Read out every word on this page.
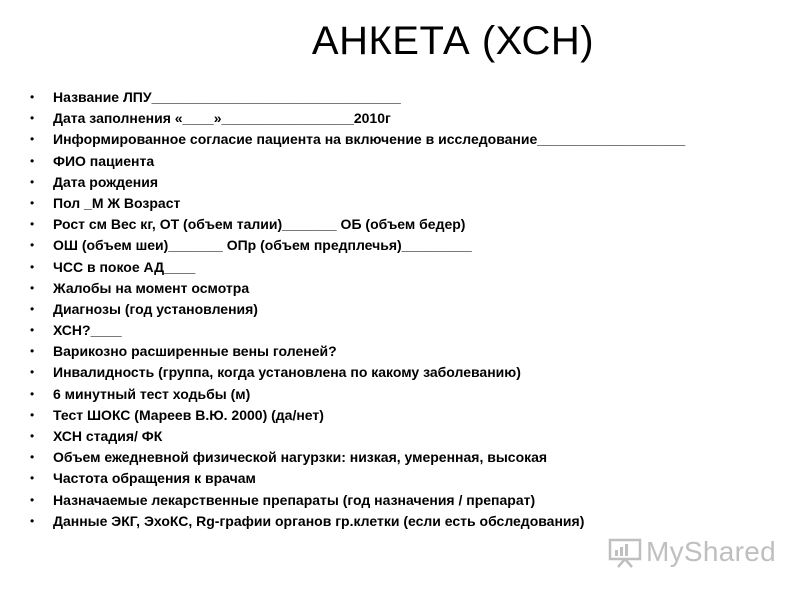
АНКЕТА (ХСН)
• Название ЛПУ________________________________
• Дата заполнения «____»_________________2010г
• Информированное согласие пациента на включение в исследование___________________
• ФИО пациента
• Дата рождения
• Пол _М Ж Возраст
• Рост см Вес кг, ОТ (объем талии)_______ ОБ (объем бедер)
• ОШ (объем шеи)_______ ОПр (объем предплечья)_________
• ЧСС в покое АД____
• Жалобы на момент осмотра
• Диагнозы (год установления)
• ХСН?____
• Варикозно расширенные вены голеней?
• Инвалидность (группа, когда установлена по какому заболеванию)
• 6 минутный тест ходьбы (м)
• Тест ШОКС (Мареев В.Ю. 2000) (да/нет)
• ХСН стадия/ ФК
• Объем ежедневной физической нагурзки: низкая, умеренная, высокая
• Частота обращения к врачам
• Назначаемые лекарственные препараты (год назначения / препарат)
• Данные ЭКГ, ЭхоКС, Rg-графии органов гр.клетки (если есть обследования)
MyShared
